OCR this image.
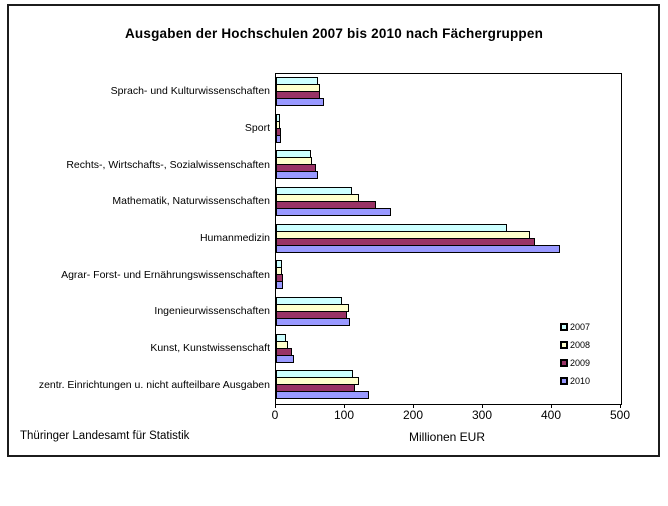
Ausgaben der Hochschulen 2007 bis 2010 nach Fächergruppen
Sprach- und Kulturwissenschaften
Sport
Rechts-, Wirtschafts-, Sozialwissenschaften
Mathematik, Naturwissenschaften
Humanmedizin
Agrar- Forst- und Ernährungswissenschaften
Ingenieurwissenschaften
Kunst, Kunstwissenschaft
zentr. Einrichtungen u. nicht aufteilbare Ausgaben
0	100	200	300	400	500
Millionen EUR
Thüringer Landesamt für Statistik
2007
2008
2009
2010
